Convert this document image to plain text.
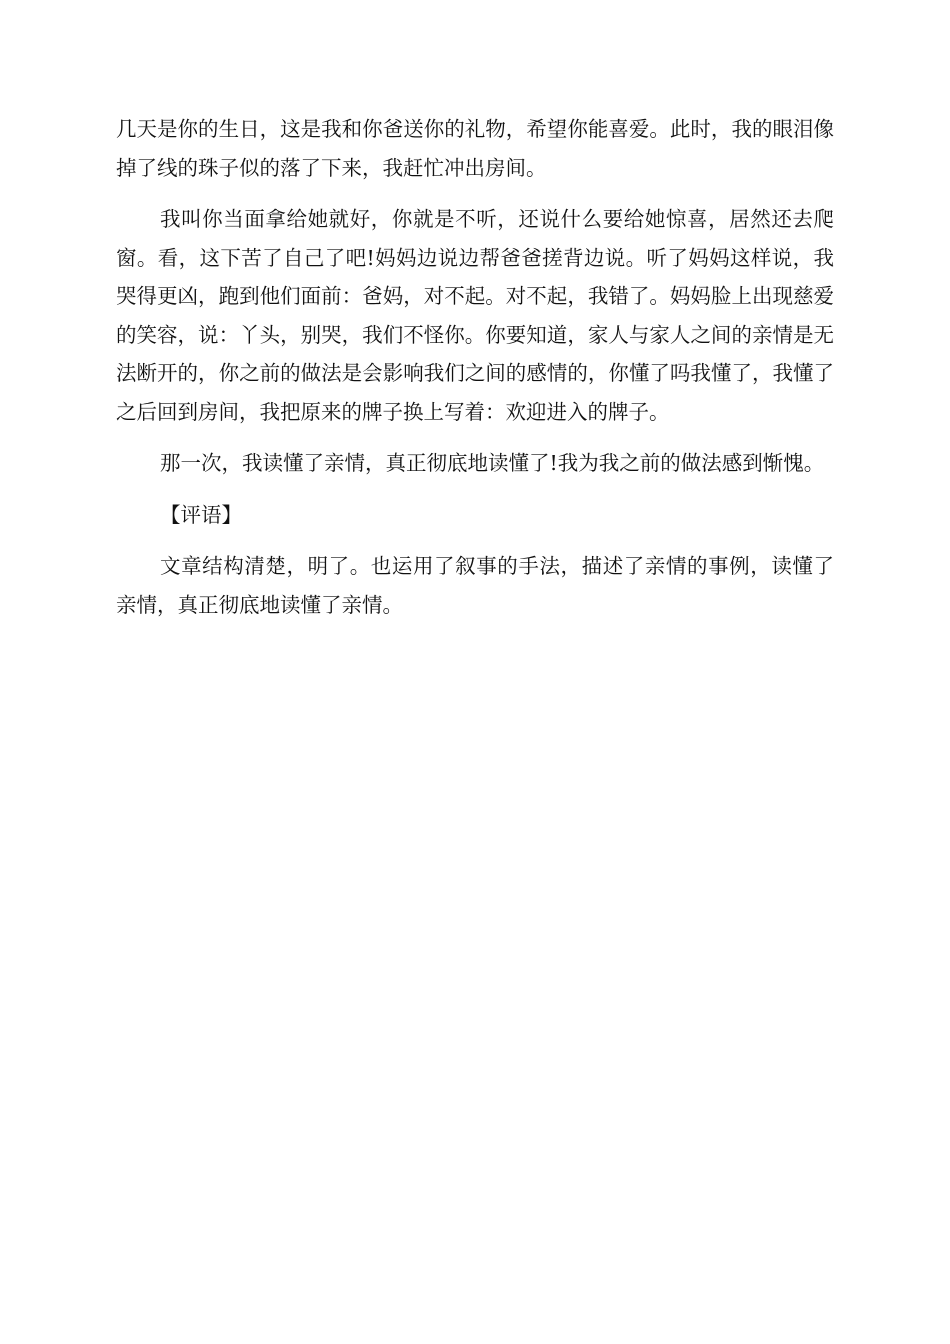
几天是你的生日，这是我和你爸送你的礼物，希望你能喜爱。此时，我的眼泪像掉了线的珠子似的落了下来，我赶忙冲出房间。

我叫你当面拿给她就好，你就是不听，还说什么要给她惊喜，居然还去爬窗。看，这下苦了自己了吧!妈妈边说边帮爸爸搓背边说。听了妈妈这样说，我哭得更凶，跑到他们面前：爸妈，对不起。对不起，我错了。妈妈脸上出现慈爱的笑容，说：丫头，别哭，我们不怪你。你要知道，家人与家人之间的亲情是无法断开的，你之前的做法是会影响我们之间的感情的，你懂了吗我懂了，我懂了之后回到房间，我把原来的牌子换上写着：欢迎进入的牌子。

那一次，我读懂了亲情，真正彻底地读懂了!我为我之前的做法感到惭愧。

【评语】

文章结构清楚，明了。也运用了叙事的手法，描述了亲情的事例，读懂了亲情，真正彻底地读懂了亲情。
